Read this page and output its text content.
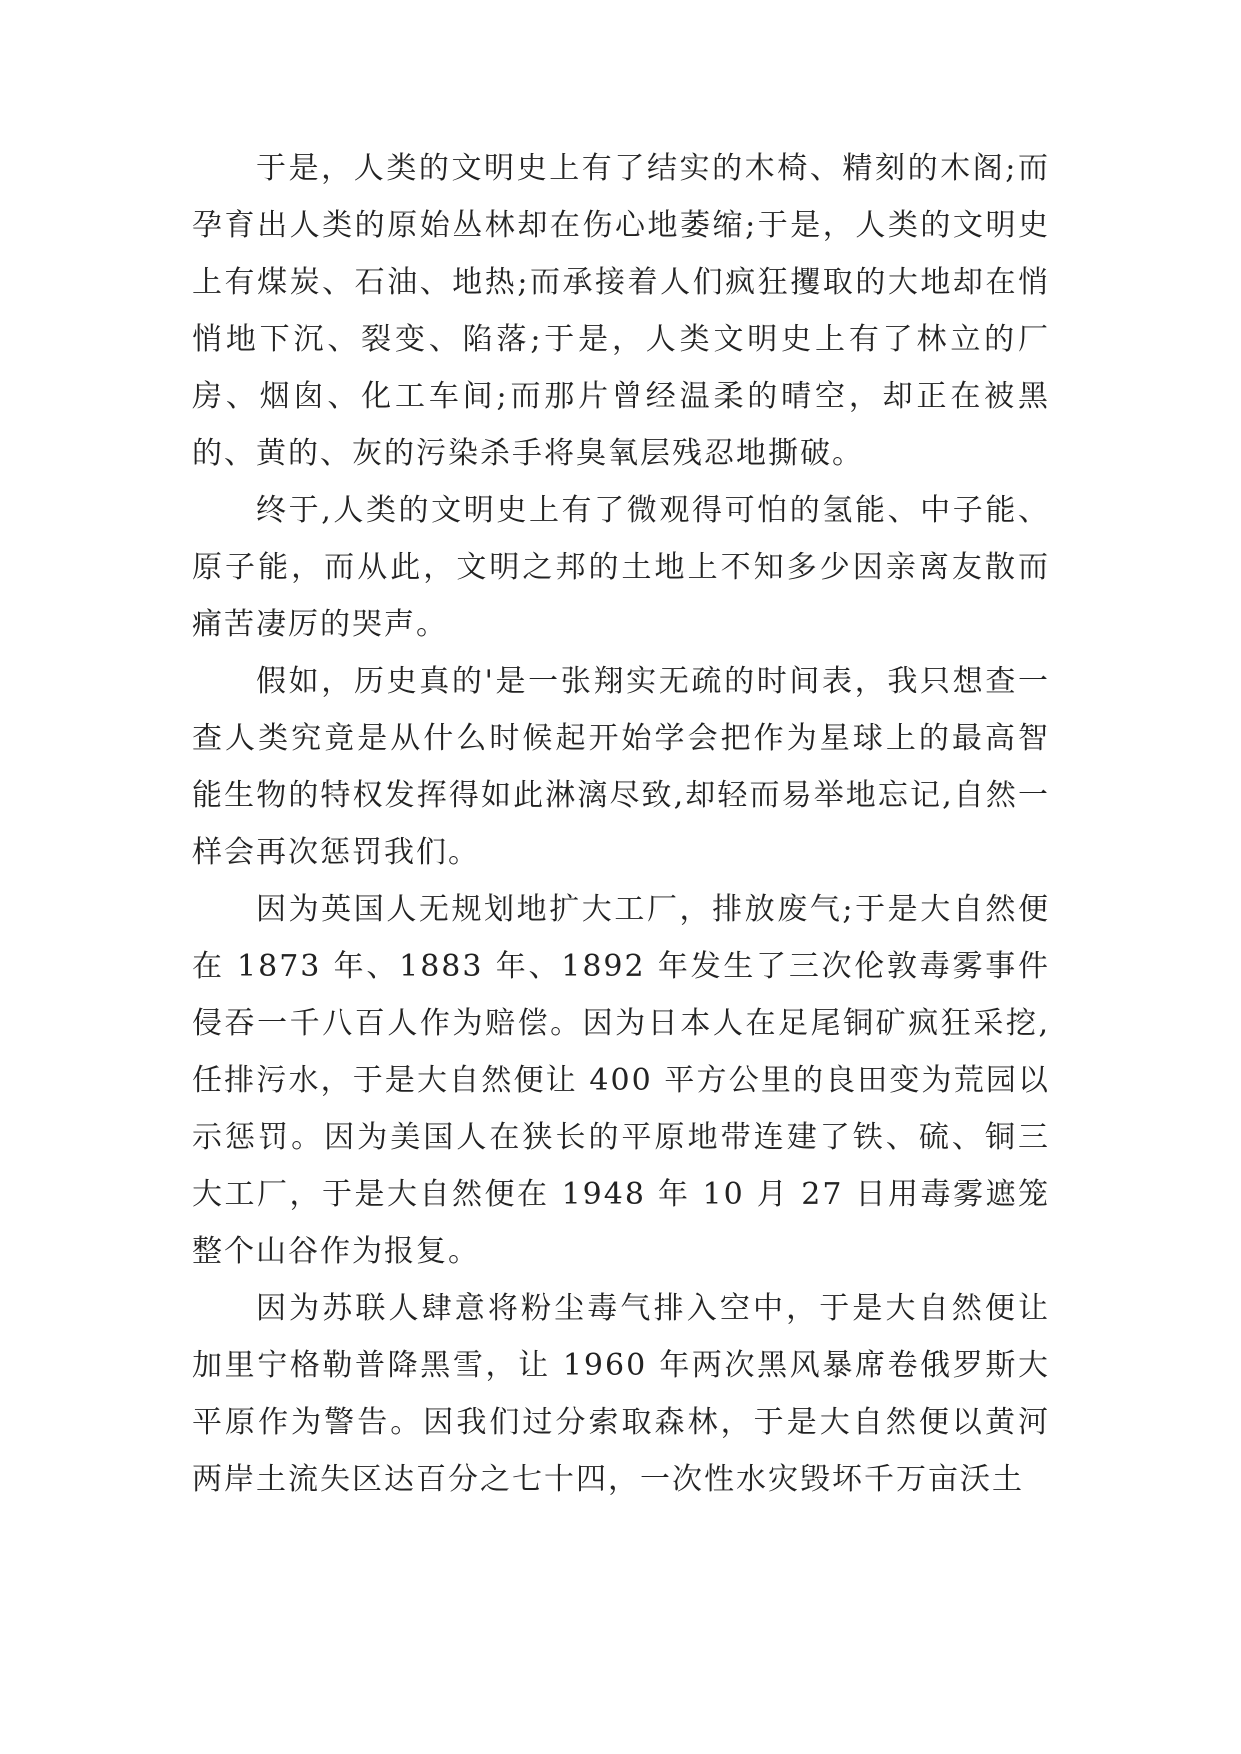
于是，人类的文明史上有了结实的木椅、精刻的木阁;而孕育出人类的原始丛林却在伤心地萎缩;于是，人类的文明史上有煤炭、石油、地热;而承接着人们疯狂攫取的大地却在悄悄地下沉、裂变、陷落;于是，人类文明史上有了林立的厂房、烟囱、化工车间;而那片曾经温柔的晴空，却正在被黑的、黄的、灰的污染杀手将臭氧层残忍地撕破。

终于,人类的文明史上有了微观得可怕的氢能、中子能、原子能，而从此，文明之邦的土地上不知多少因亲离友散而痛苦凄厉的哭声。

假如，历史真的'是一张翔实无疏的时间表，我只想查一查人类究竟是从什么时候起开始学会把作为星球上的最高智能生物的特权发挥得如此淋漓尽致,却轻而易举地忘记,自然一样会再次惩罚我们。

因为英国人无规划地扩大工厂，排放废气;于是大自然便在 1873 年、1883 年、1892 年发生了三次伦敦毒雾事件侵吞一千八百人作为赔偿。因为日本人在足尾铜矿疯狂采挖,任排污水，于是大自然便让 400 平方公里的良田变为荒园以示惩罚。因为美国人在狭长的平原地带连建了铁、硫、铜三大工厂，于是大自然便在 1948 年 10 月 27 日用毒雾遮笼整个山谷作为报复。

因为苏联人肆意将粉尘毒气排入空中，于是大自然便让加里宁格勒普降黑雪，让 1960 年两次黑风暴席卷俄罗斯大平原作为警告。因我们过分索取森林，于是大自然便以黄河两岸土流失区达百分之七十四，一次性水灾毁坏千万亩沃土
